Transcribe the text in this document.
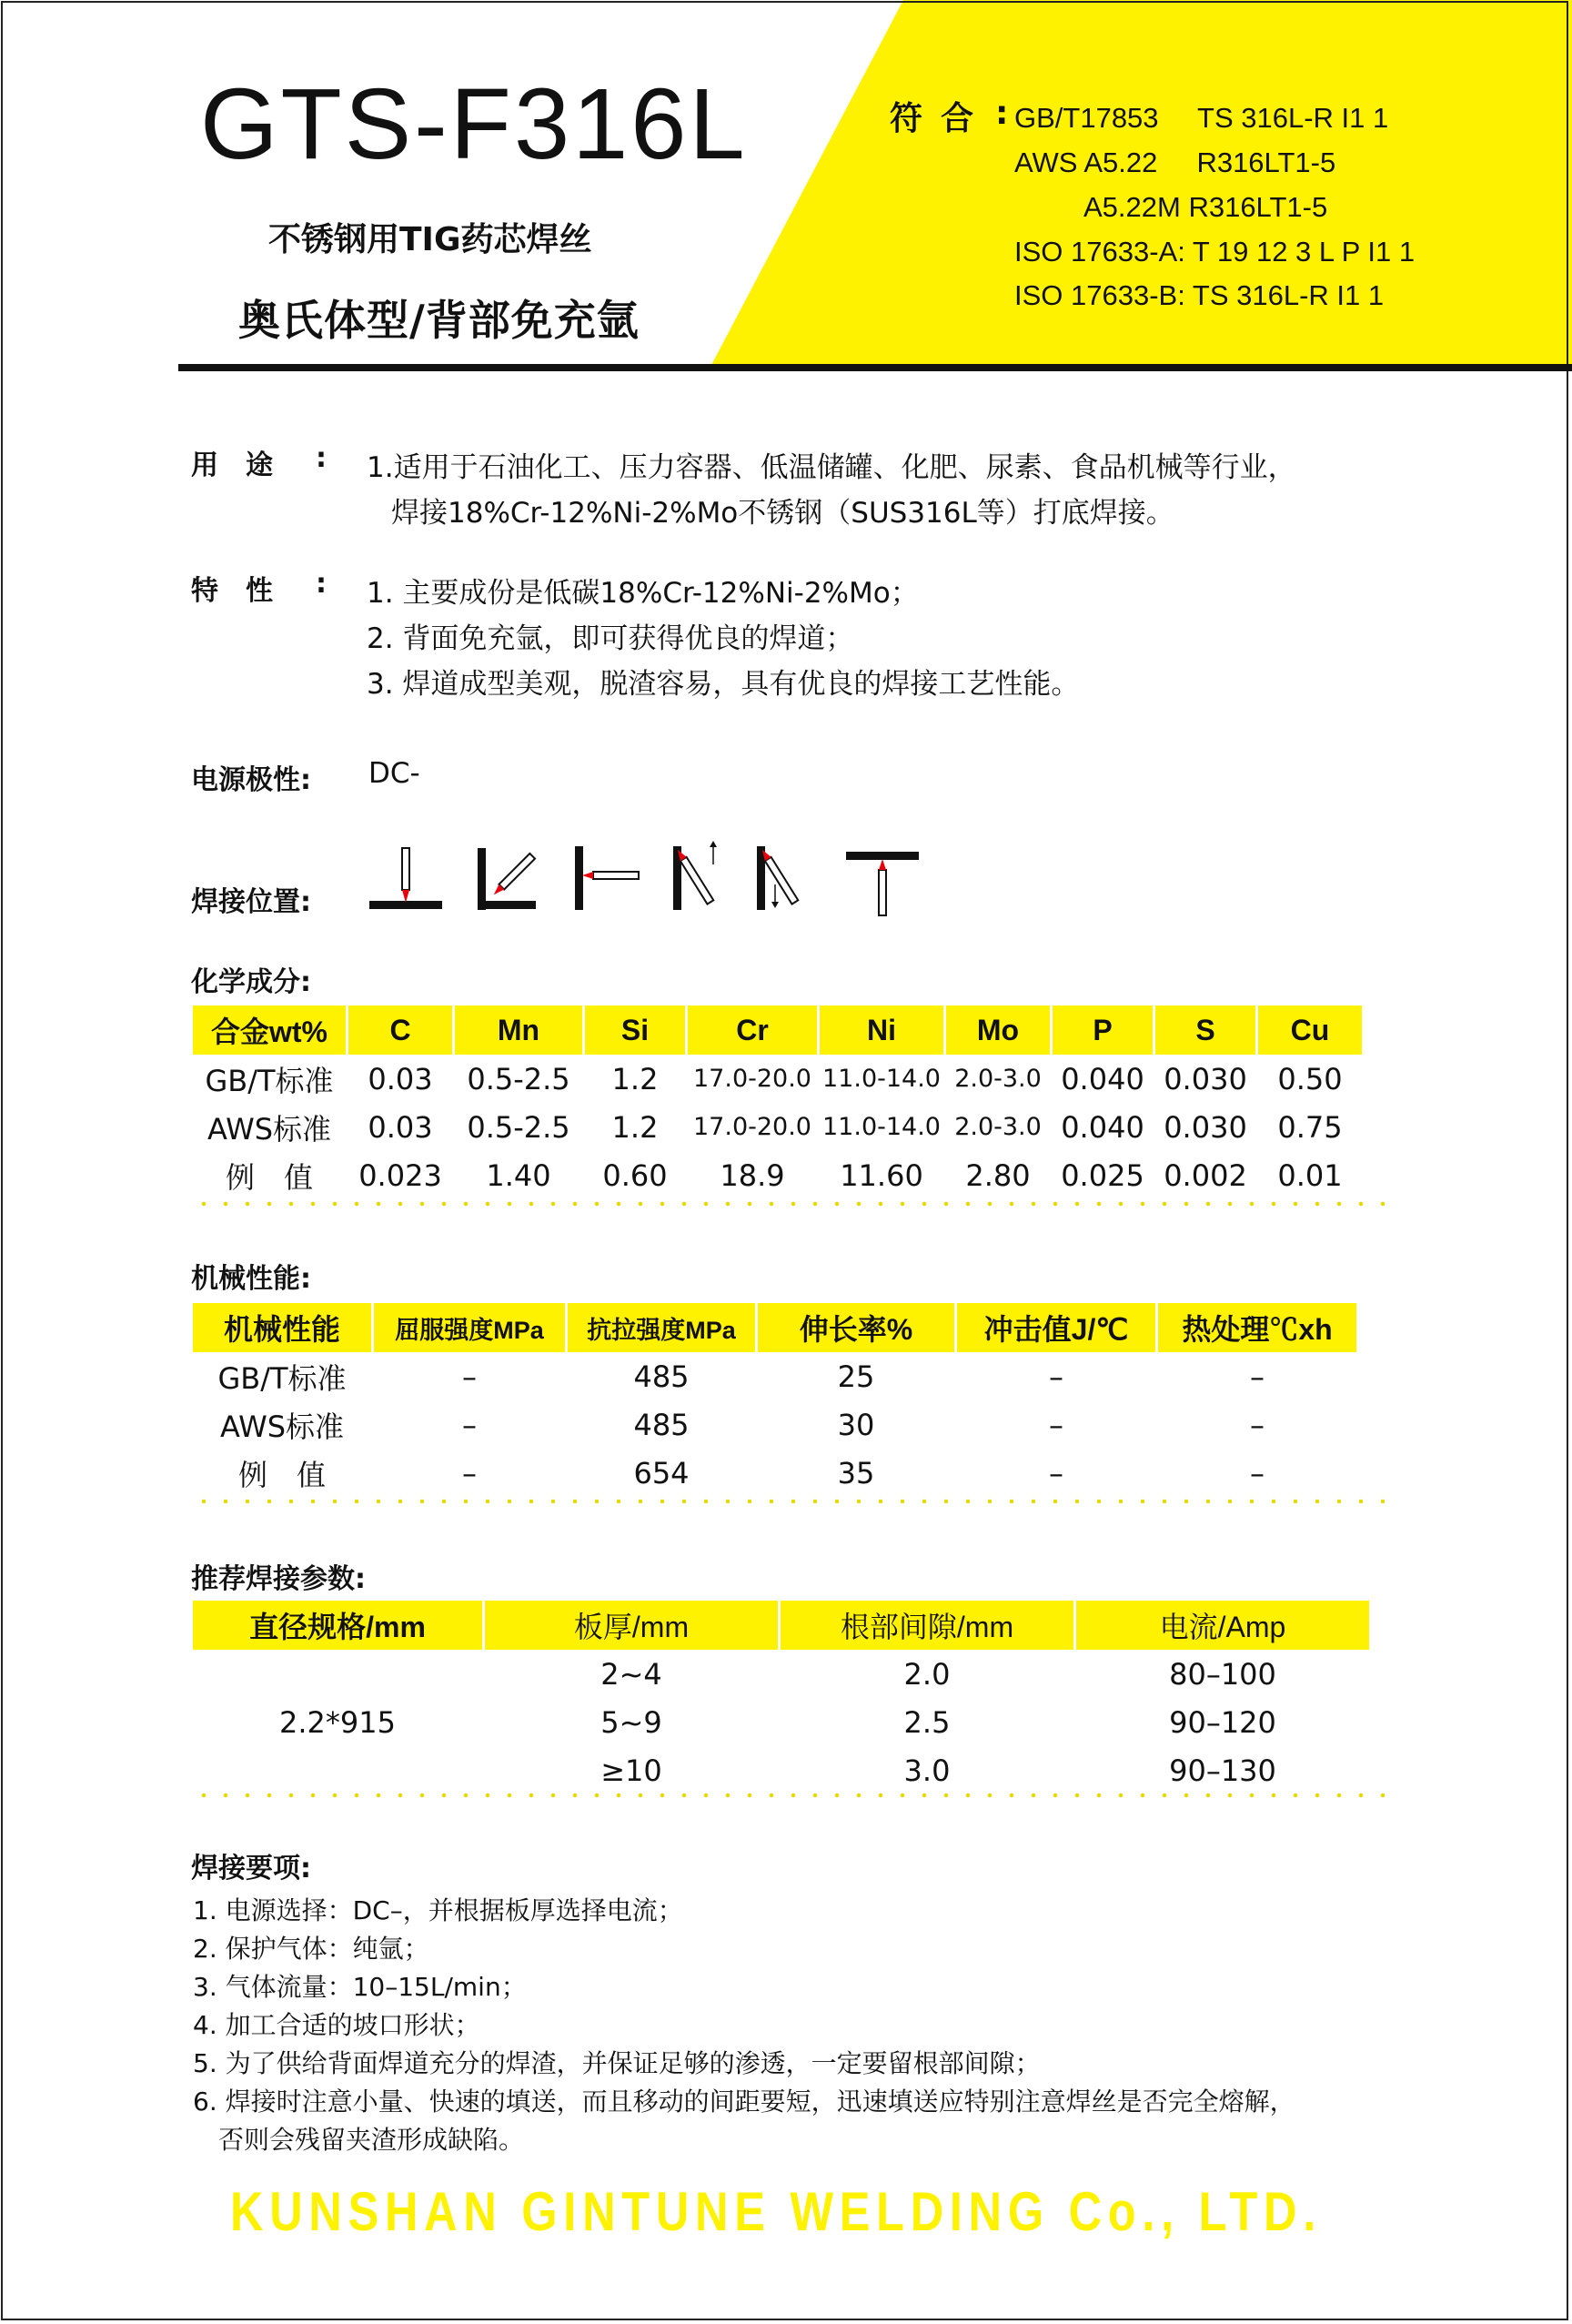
GTS-F316L
不锈钢用TIG药芯焊丝
奥氏体型/背部免充氩
符合 : GB/T17853     TS 316L-R I1 1
AWS A5.22     R316LT1-5
A5.22M R316LT1-5
ISO 17633-A: T 19 12 3 L P I1 1
ISO 17633-B: TS 316L-R I1 1
用　途 : 1.适用于石油化工、压力容器、低温储罐、化肥、尿素、食品机械等行业，
焊接18%Cr-12%Ni-2%Mo不锈钢（SUS316L等）打底焊接。
特　性 : 1. 主要成份是低碳18%Cr-12%Ni-2%Mo；
2. 背面免充氩，即可获得优良的焊道；
3. 焊道成型美观，脱渣容易，具有优良的焊接工艺性能。
电源极性: DC-
焊接位置:
化学成分:
合金wt%	C	Mn	Si	Cr	Ni	Mo	P	S	Cu
GB/T标准	0.03	0.5-2.5	1.2	17.0-20.0	11.0-14.0	2.0-3.0	0.040	0.030	0.50
AWS标准	0.03	0.5-2.5	1.2	17.0-20.0	11.0-14.0	2.0-3.0	0.040	0.030	0.75
例　值	0.023	1.40	0.60	18.9	11.60	2.80	0.025	0.002	0.01
机械性能:
机械性能	屈服强度MPa	抗拉强度MPa	伸长率%	冲击值J/℃	热处理℃xh
GB/T标准	–	485	25	–	–
AWS标准	–	485	30	–	–
例　值	–	654	35	–	–
推荐焊接参数:
直径规格/mm	板厚/mm	根部间隙/mm	电流/Amp
2.2*915	2~4	2.0	80–100
	5~9	2.5	90–120
	≥10	3.0	90–130
焊接要项:
1. 电源选择：DC–，并根据板厚选择电流；
2. 保护气体：纯氩；
3. 气体流量：10–15L/min；
4. 加工合适的坡口形状；
5. 为了供给背面焊道充分的焊渣，并保证足够的渗透，一定要留根部间隙；
6. 焊接时注意小量、快速的填送，而且移动的间距要短，迅速填送应特别注意焊丝是否完全熔解，
否则会残留夹渣形成缺陷。
KUNSHAN GINTUNE WELDING Co., LTD.
